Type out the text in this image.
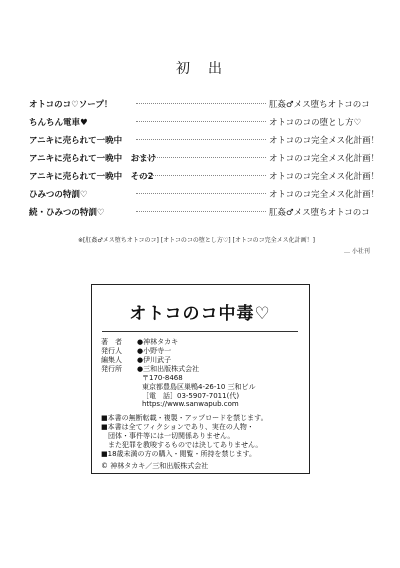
初　出
オトコのコ♡ソープ！	肛姦♂メス堕ちオトコのコ
ちんちん電車♥	オトコのコの堕とし方♡
アニキに売られて一晩中	オトコのコ完全メス化計画！
アニキに売られて一晩中　おまけ	オトコのコ完全メス化計画！
アニキに売られて一晩中　その2	オトコのコ完全メス化計画！
ひみつの特訓♡	オトコのコ完全メス化計画！
続・ひみつの特訓♡	肛姦♂メス堕ちオトコのコ
※[肛姦♂メス堕ちオトコのコ] [オトコのコの堕とし方♡] [オトコのコ完全メス化計画！]
… 小社刊
オトコのコ中毒♡
著　者 ●神林タカキ
発行人 ●小野寺一
編集人 ●伊川武子
発行所 ●三和出版株式会社
〒170-8468
東京都豊島区巣鴨4-26-10 三和ビル
［電　話］03-5907-7011(代)
https://www.sanwapub.com
■本書の無断転載・複製・アップロードを禁じます。
■本書は全てフィクションであり、実在の人物・
　団体・事件等には一切関係ありません。
　また犯罪を教唆するものでは決してありません。
■18歳未満の方の購入・閲覧・所持を禁じます。
© 神林タカキ／三和出版株式会社
